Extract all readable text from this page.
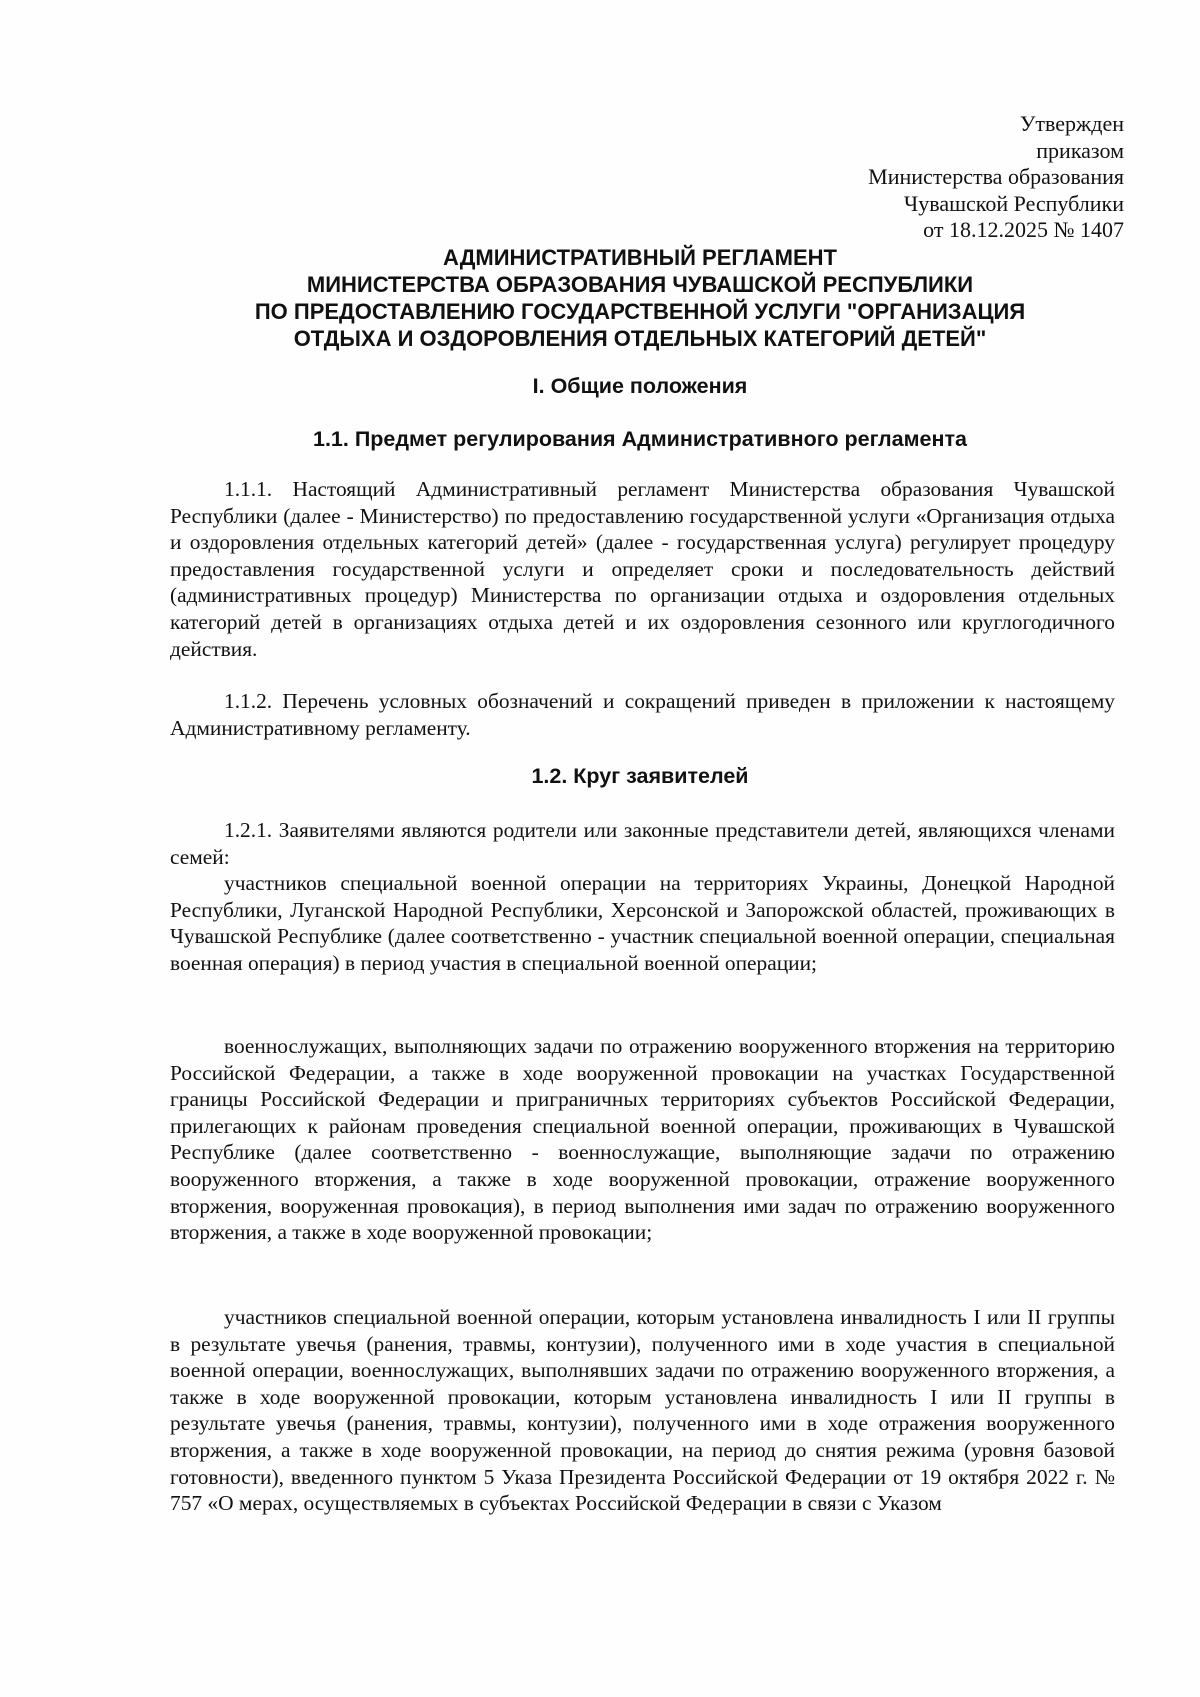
Утвержден
приказом
Министерства образования
Чувашской Республики
от 18.12.2025 № 1407
АДМИНИСТРАТИВНЫЙ РЕГЛАМЕНТ
МИНИСТЕРСТВА ОБРАЗОВАНИЯ ЧУВАШСКОЙ РЕСПУБЛИКИ
ПО ПРЕДОСТАВЛЕНИЮ ГОСУДАРСТВЕННОЙ УСЛУГИ "ОРГАНИЗАЦИЯ
ОТДЫХА И ОЗДОРОВЛЕНИЯ ОТДЕЛЬНЫХ КАТЕГОРИЙ ДЕТЕЙ"
I. Общие положения
1.1. Предмет регулирования Административного регламента

1.1.1. Настоящий Административный регламент Министерства образования Чувашской Республики (далее - Министерство) по предоставлению государственной услуги «Организация отдыха и оздоровления отдельных категорий детей» (далее - государственная услуга) регулирует процедуру предоставления государственной услуги и определяет сроки и последовательность действий (административных процедур) Министерства по организации отдыха и оздоровления отдельных категорий детей в организациях отдыха детей и их оздоровления сезонного или круглогодичного действия.

1.1.2. Перечень условных обозначений и сокращений приведен в приложении к настоящему Административному регламенту.

1.2. Круг заявителей

1.2.1. Заявителями являются родители или законные представители детей, являющихся членами семей:

участников специальной военной операции на территориях Украины, Донецкой Народной Республики, Луганской Народной Республики, Херсонской и Запорожской областей, проживающих в Чувашской Республике (далее соответственно - участник специальной военной операции, специальная военная операция) в период участия в специальной военной операции;

военнослужащих, выполняющих задачи по отражению вооруженного вторжения на территорию Российской Федерации, а также в ходе вооруженной провокации на участках Государственной границы Российской Федерации и приграничных территориях субъектов Российской Федерации, прилегающих к районам проведения специальной военной операции, проживающих в Чувашской Республике (далее соответственно - военнослужащие, выполняющие задачи по отражению вооруженного вторжения, а также в ходе вооруженной провокации, отражение вооруженного вторжения, вооруженная провокация), в период выполнения ими задач по отражению вооруженного вторжения, а также в ходе вооруженной провокации;

участников специальной военной операции, которым установлена инвалидность I или II группы в результате увечья (ранения, травмы, контузии), полученного ими в ходе участия в специальной военной операции, военнослужащих, выполнявших задачи по отражению вооруженного вторжения, а также в ходе вооруженной провокации, которым установлена инвалидность I или II группы в результате увечья (ранения, травмы, контузии), полученного ими в ходе отражения вооруженного вторжения, а также в ходе вооруженной провокации, на период до снятия режима (уровня базовой готовности), введенного пунктом 5 Указа Президента Российской Федерации от 19 октября 2022 г. № 757 «О мерах, осуществляемых в субъектах Российской Федерации в связи с Указом
